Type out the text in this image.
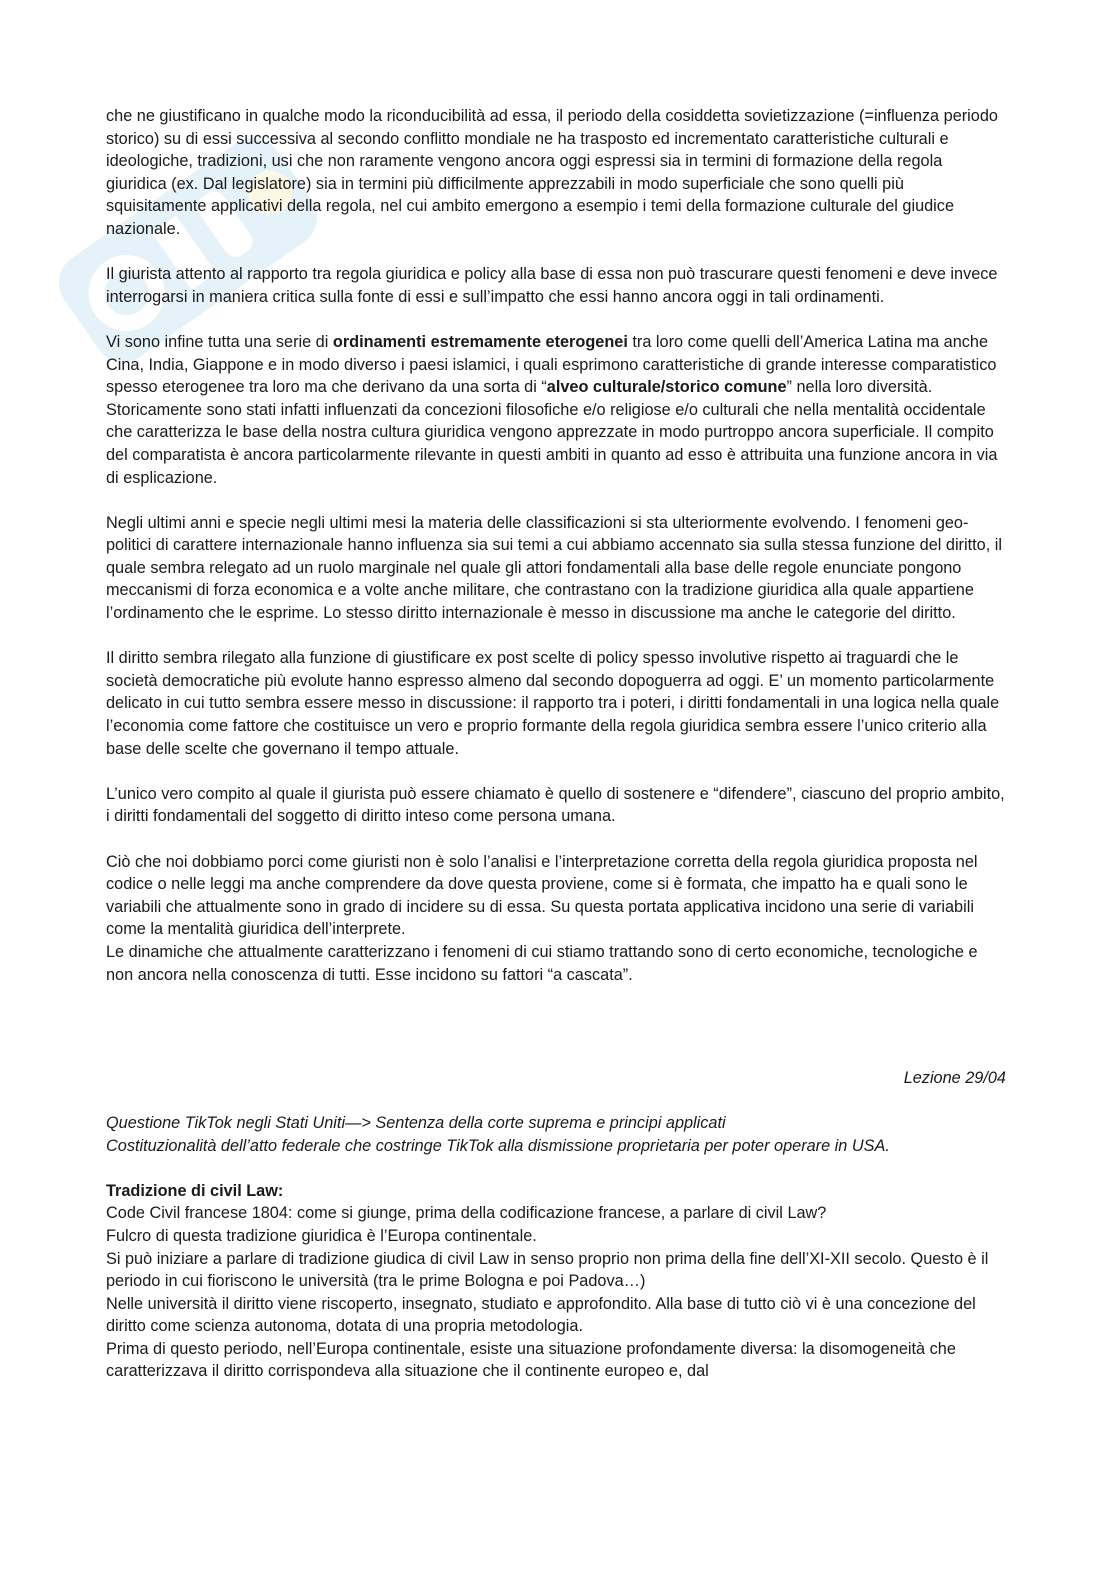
che ne giustificano in qualche modo la riconducibilità ad essa, il periodo della cosiddetta sovietizzazione (=influenza periodo storico) su di essi successiva al secondo conflitto mondiale ne ha trasposto ed incrementato caratteristiche culturali e ideologiche, tradizioni, usi che non raramente vengono ancora oggi espressi sia in termini di formazione della regola giuridica (ex. Dal legislatore) sia in termini più difficilmente apprezzabili in modo superficiale che sono quelli più squisitamente applicativi della regola, nel cui ambito emergono a esempio i temi della formazione culturale del giudice nazionale.

Il giurista attento al rapporto tra regola giuridica e policy alla base di essa non può trascurare questi fenomeni e deve invece interrogarsi in maniera critica sulla fonte di essi e sull’impatto che essi hanno ancora oggi in tali ordinamenti.

Vi sono infine tutta una serie di ordinamenti estremamente eterogenei tra loro come quelli dell’America Latina ma anche Cina, India, Giappone e in modo diverso i paesi islamici, i quali esprimono caratteristiche di grande interesse comparatistico spesso eterogenee tra loro ma che derivano da una sorta di “alveo culturale/storico comune” nella loro diversità. Storicamente sono stati infatti influenzati da concezioni filosofiche e/o religiose e/o culturali che nella mentalità occidentale che caratterizza le base della nostra cultura giuridica vengono apprezzate in modo purtroppo ancora superficiale. Il compito del comparatista è ancora particolarmente rilevante in questi ambiti in quanto ad esso è attribuita una funzione ancora in via di esplicazione.

Negli ultimi anni e specie negli ultimi mesi la materia delle classificazioni si sta ulteriormente evolvendo. I fenomeni geo-politici di carattere internazionale hanno influenza sia sui temi a cui abbiamo accennato sia sulla stessa funzione del diritto, il quale sembra relegato ad un ruolo marginale nel quale gli attori fondamentali alla base delle regole enunciate pongono meccanismi di forza economica e a volte anche militare, che contrastano con la tradizione giuridica alla quale appartiene l’ordinamento che le esprime. Lo stesso diritto internazionale è messo in discussione ma anche le categorie del diritto.

Il diritto sembra rilegato alla funzione di giustificare ex post scelte di policy spesso involutive rispetto ai traguardi che le società democratiche più evolute hanno espresso almeno dal secondo dopoguerra ad oggi. E’ un momento particolarmente delicato in cui tutto sembra essere messo in discussione: il rapporto tra i poteri, i diritti fondamentali in una logica nella quale l’economia come fattore che costituisce un vero e proprio formante della regola giuridica sembra essere l’unico criterio alla base delle scelte che governano il tempo attuale.

L’unico vero compito al quale il giurista può essere chiamato è quello di sostenere e “difendere”, ciascuno del proprio ambito, i diritti fondamentali del soggetto di diritto inteso come persona umana.

Ciò che noi dobbiamo porci come giuristi non è solo l’analisi e l’interpretazione corretta della regola giuridica proposta nel codice o nelle leggi ma anche comprendere da dove questa proviene, come si è formata, che impatto ha e quali sono le variabili che attualmente sono in grado di incidere su di essa. Su questa portata applicativa incidono una serie di variabili come la mentalità giuridica dell’interprete.

Le dinamiche che attualmente caratterizzano i fenomeni di cui stiamo trattando sono di certo economiche, tecnologiche e non ancora nella conoscenza di tutti. Esse incidono su fattori “a cascata”.

Lezione 29/04

Questione TikTok negli Stati Uniti—> Sentenza della corte suprema e principi applicati

Costituzionalità dell’atto federale che costringe TikTok alla dismissione proprietaria per poter operare in USA.

Tradizione di civil Law:

Code Civil francese 1804: come si giunge, prima della codificazione francese, a parlare di civil Law?

Fulcro di questa tradizione giuridica è l’Europa continentale.

Si può iniziare a parlare di tradizione giudica di civil Law in senso proprio non prima della fine dell’XI-XII secolo. Questo è il periodo in cui fioriscono le università (tra le prime Bologna e poi Padova…)

Nelle università il diritto viene riscoperto, insegnato, studiato e approfondito. Alla base di tutto ciò vi è una concezione del diritto come scienza autonoma, dotata di una propria metodologia.

Prima di questo periodo, nell’Europa continentale, esiste una situazione profondamente diversa: la disomogeneità che caratterizzava il diritto corrispondeva alla situazione che il continente europeo e, dal
